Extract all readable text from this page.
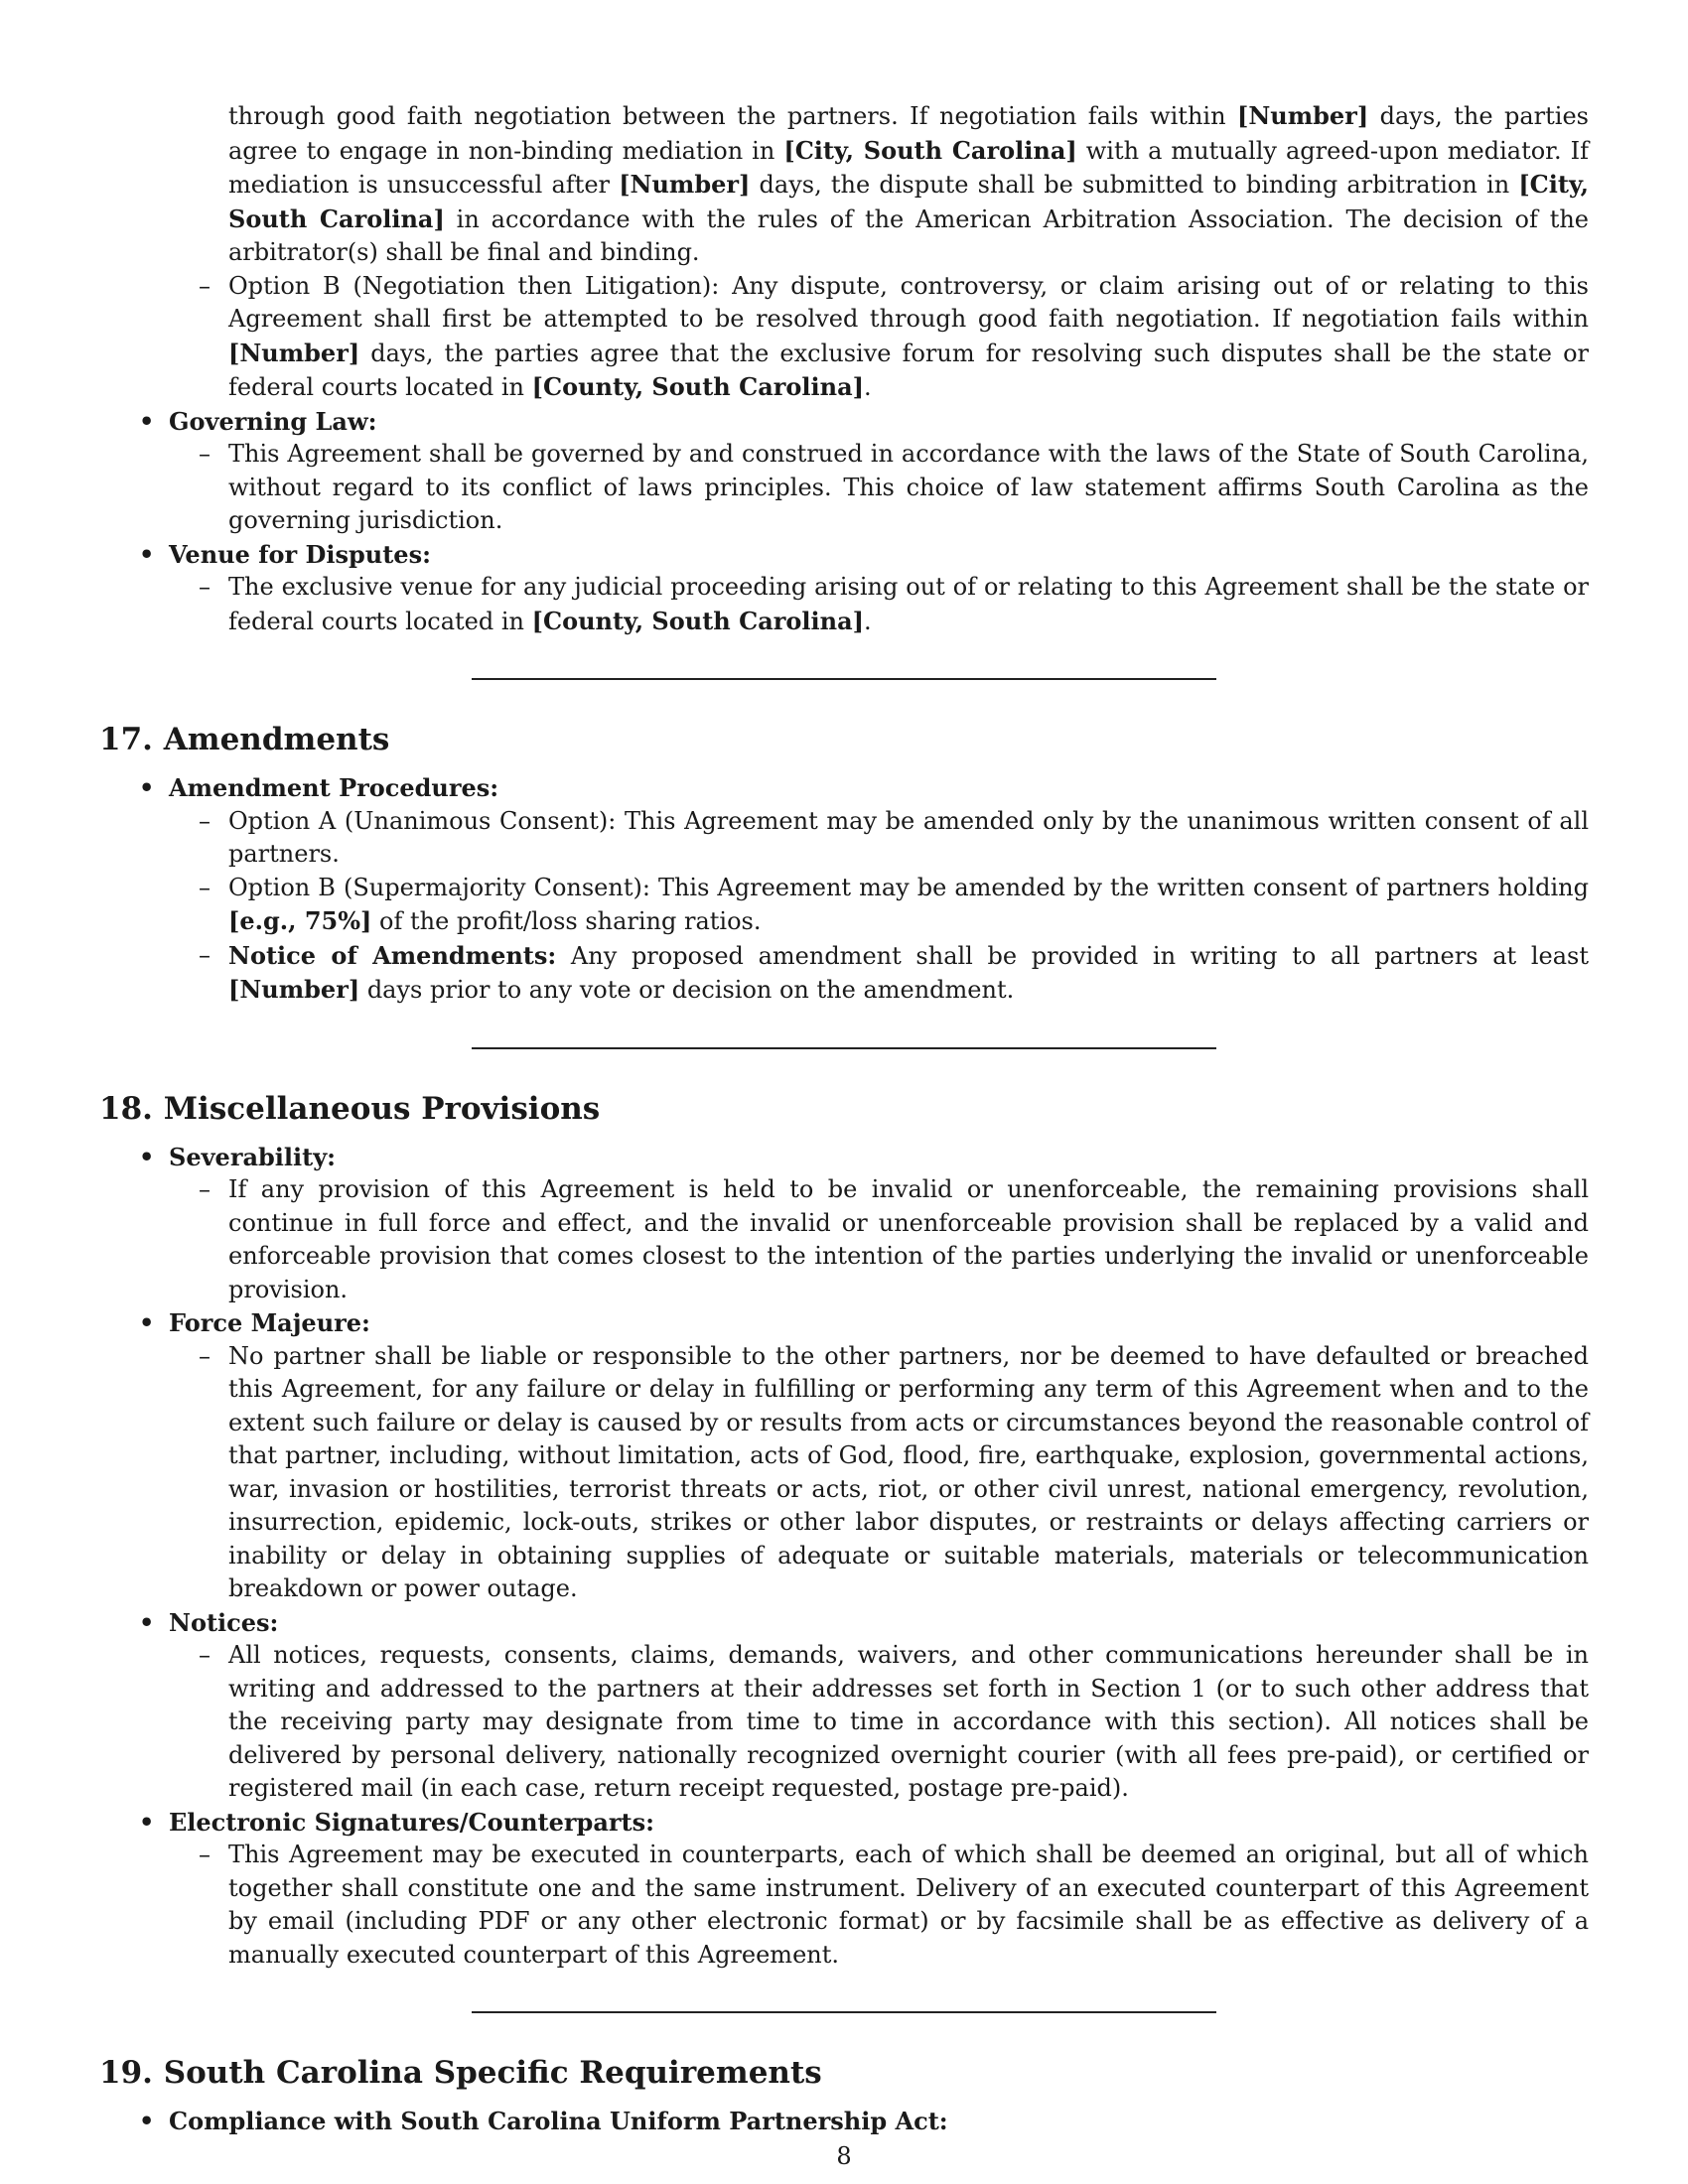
through good faith negotiation between the partners. If negotiation fails within [Number] days, the parties agree to engage in non-binding mediation in [City, South Carolina] with a mutually agreed-upon mediator. If mediation is unsuccessful after [Number] days, the dispute shall be submitted to binding arbitration in [City, South Carolina] in accordance with the rules of the American Arbitration Association. The decision of the arbitrator(s) shall be final and binding.
– Option B (Negotiation then Litigation): Any dispute, controversy, or claim arising out of or relating to this Agreement shall first be attempted to be resolved through good faith negotiation. If negotiation fails within [Number] days, the parties agree that the exclusive forum for resolving such disputes shall be the state or federal courts located in [County, South Carolina].
• Governing Law:
– This Agreement shall be governed by and construed in accordance with the laws of the State of South Carolina, without regard to its conflict of laws principles. This choice of law statement affirms South Carolina as the governing jurisdiction.
• Venue for Disputes:
– The exclusive venue for any judicial proceeding arising out of or relating to this Agreement shall be the state or federal courts located in [County, South Carolina].
17. Amendments
• Amendment Procedures:
– Option A (Unanimous Consent): This Agreement may be amended only by the unanimous written consent of all partners.
– Option B (Supermajority Consent): This Agreement may be amended by the written consent of partners holding [e.g., 75%] of the profit/loss sharing ratios.
– Notice of Amendments: Any proposed amendment shall be provided in writing to all partners at least [Number] days prior to any vote or decision on the amendment.
18. Miscellaneous Provisions
• Severability:
– If any provision of this Agreement is held to be invalid or unenforceable, the remaining provisions shall continue in full force and effect, and the invalid or unenforceable provision shall be replaced by a valid and enforceable provision that comes closest to the intention of the parties underlying the invalid or unenforceable provision.
• Force Majeure:
– No partner shall be liable or responsible to the other partners, nor be deemed to have defaulted or breached this Agreement, for any failure or delay in fulfilling or performing any term of this Agreement when and to the extent such failure or delay is caused by or results from acts or circumstances beyond the reasonable control of that partner, including, without limitation, acts of God, flood, fire, earthquake, explosion, governmental actions, war, invasion or hostilities, terrorist threats or acts, riot, or other civil unrest, national emergency, revolution, insurrection, epidemic, lock-outs, strikes or other labor disputes, or restraints or delays affecting carriers or inability or delay in obtaining supplies of adequate or suitable materials, materials or telecommunication breakdown or power outage.
• Notices:
– All notices, requests, consents, claims, demands, waivers, and other communications hereunder shall be in writing and addressed to the partners at their addresses set forth in Section 1 (or to such other address that the receiving party may designate from time to time in accordance with this section). All notices shall be delivered by personal delivery, nationally recognized overnight courier (with all fees pre-paid), or certified or registered mail (in each case, return receipt requested, postage pre-paid).
• Electronic Signatures/Counterparts:
– This Agreement may be executed in counterparts, each of which shall be deemed an original, but all of which together shall constitute one and the same instrument. Delivery of an executed counterpart of this Agreement by email (including PDF or any other electronic format) or by facsimile shall be as effective as delivery of a manually executed counterpart of this Agreement.
19. South Carolina Specific Requirements
• Compliance with South Carolina Uniform Partnership Act:
8
